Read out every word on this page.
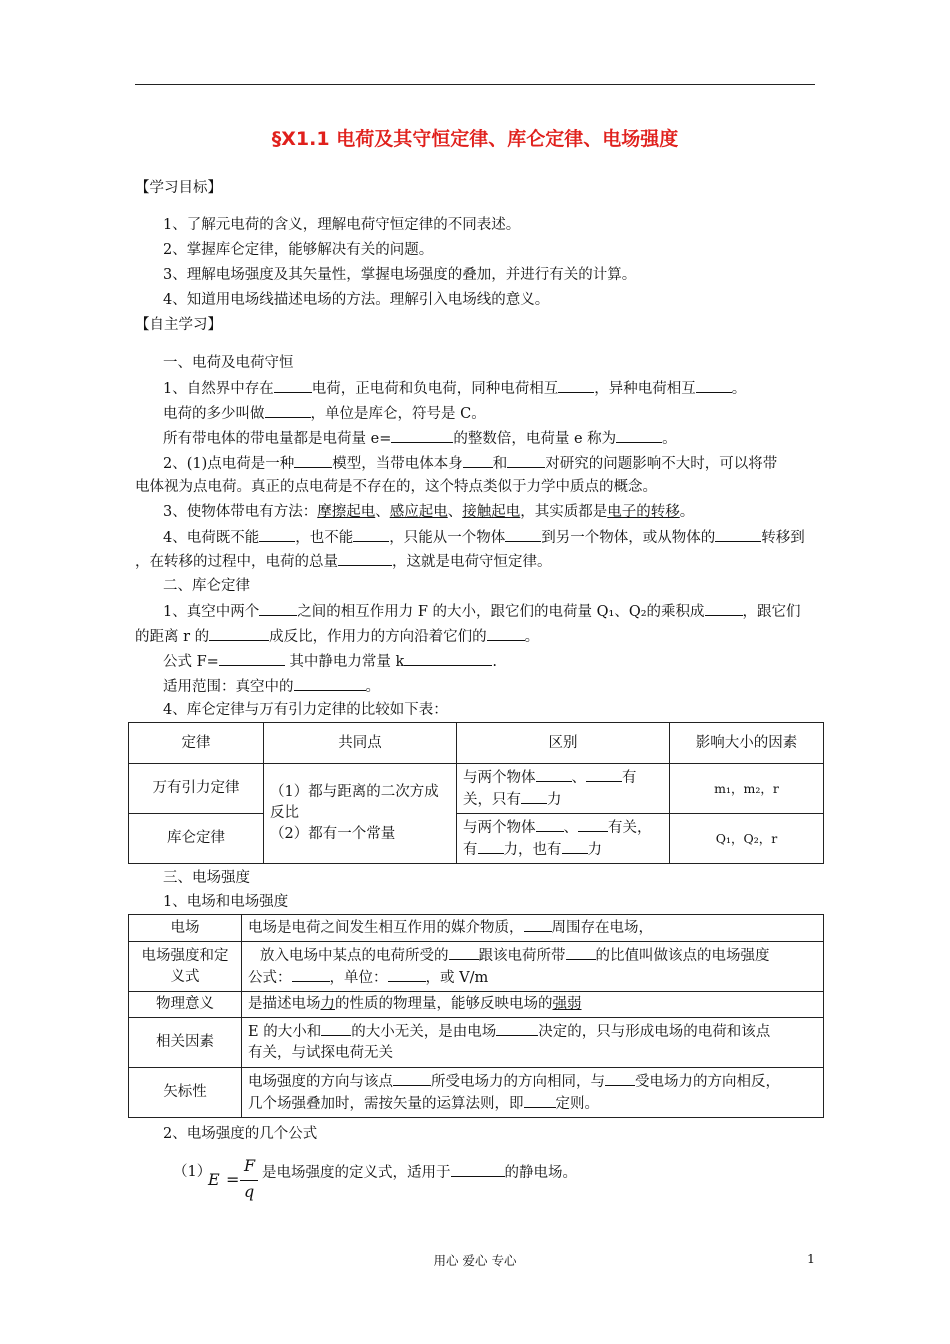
§X1.1 电荷及其守恒定律、库仑定律、电场强度
【学习目标】
1、了解元电荷的含义，理解电荷守恒定律的不同表述。
2、掌握库仑定律，能够解决有关的问题。
3、理解电场强度及其矢量性，掌握电场强度的叠加，并进行有关的计算。
4、知道用电场线描述电场的方法。理解引入电场线的意义。
【自主学习】
一、电荷及电荷守恒
1、自然界中存在	电荷，正电荷和负电荷，同种电荷相互 ，异种电荷相互 。
电荷的多少叫做	，单位是库仑，符号是 C。
所有带电体的带电量都是电荷量 e=	的整数倍，电荷量 e 称为	。
2、(1)点电荷是一种	模型，当带电体本身 和	对研究的问题影响不大时，可以将带
电体视为点电荷。真正的点电荷是不存在的，这个特点类似于力学中质点的概念。
3、使物体带电有方法：摩擦起电、感应起电、接触起电，其实质都是电子的转移。
4、电荷既不能 ，也不能 ，只能从一个物体 到另一个物体，或从物体的	转移到
，在转移的过程中，电荷的总量	，这就是电荷守恒定律。
二、库仑定律
1、真空中两个	之间的相互作用力 F 的大小，跟它们的电荷量 Q₁、Q₂的乘积成	，跟它们
的距离 r 的	成反比，作用力的方向沿着它们的	。
公式 F=	其中静电力常量 k	.
适用范围：真空中的	。
4、库仑定律与万有引力定律的比较如下表：
定律	共同点	区别	影响大小的因素
万有引力定律	（1）都与距离的二次方成反比
（2）都有一个常量	与两个物体 、 有关，只有 力	m₁，m₂，r
库仑定律		与两个物体 、 有关，有 力，也有 力	Q₁，Q₂，r
三、电场强度
1、电场和电场强度
电场	电场是电荷之间发生相互作用的媒介物质， 周围存在电场，
电场强度和定义式	放入电场中某点的电荷所受的 跟该电荷所带 的比值叫做该点的电场强度
公式： ，单位： ，或 V/m

物理意义	是描述电场力的性质的物理量，能够反映电场的强弱
相关因素	E 的大小和 的大小无关，是由电场 决定的，只与形成电场的电荷和该点
有关，与试探电荷无关

矢标性	电场强度的方向与该点 所受电场力的方向相同，与 受电场力的方向相反，
几个场强叠加时，需按矢量的运算法则，即 定则。
2、电场强度的几个公式
（1）
E =
F
q
是电场强度的定义式，适用于	的静电场。
用心 爱心 专心	1
